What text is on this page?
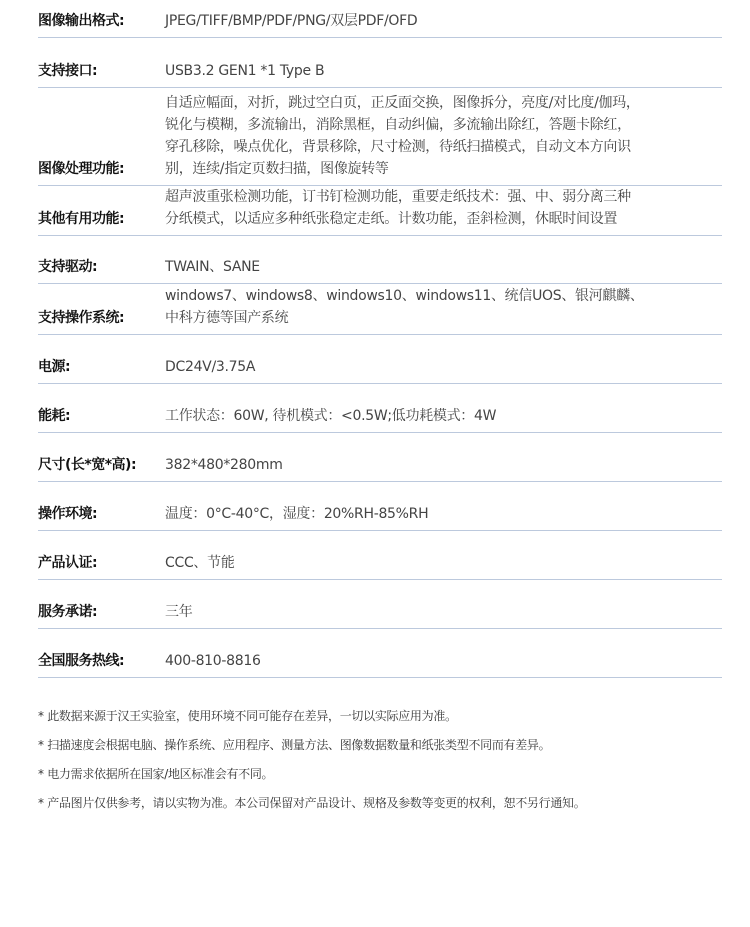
图像输出格式:	JPEG/TIFF/BMP/PDF/PNG/双层PDF/OFD
支持接口:	USB3.2 GEN1 *1 Type B
图像处理功能:
自适应幅面，对折，跳过空白页，正反面交换，图像拆分，亮度/对比度/伽玛，
锐化与模糊，多流输出，消除黑框，自动纠偏，多流输出除红，答题卡除红，
穿孔移除，噪点优化，背景移除，尺寸检测，待纸扫描模式，自动文本方向识
别，连续/指定页数扫描，图像旋转等
其他有用功能:
超声波重张检测功能，订书钉检测功能，重要走纸技术：强、中、弱分离三种
分纸模式，以适应多种纸张稳定走纸。计数功能，歪斜检测，休眠时间设置
支持驱动:	TWAIN、SANE
支持操作系统:
windows7、windows8、windows10、windows11、统信UOS、银河麒麟、
中科方德等国产系统
电源:	DC24V/3.75A
能耗:	工作状态：60W, 待机模式：<0.5W;低功耗模式：4W
尺寸(长*宽*高):	382*480*280mm
操作环境:	温度：0°C-40°C，湿度：20%RH-85%RH
产品认证:	CCC、节能
服务承诺:	三年
全国服务热线:	400-810-8816
* 此数据来源于汉王实验室，使用环境不同可能存在差异，一切以实际应用为准。
* 扫描速度会根据电脑、操作系统、应用程序、测量方法、图像数据数量和纸张类型不同而有差异。
* 电力需求依据所在国家/地区标准会有不同。
* 产品图片仅供参考，请以实物为准。本公司保留对产品设计、规格及参数等变更的权利，恕不另行通知。
